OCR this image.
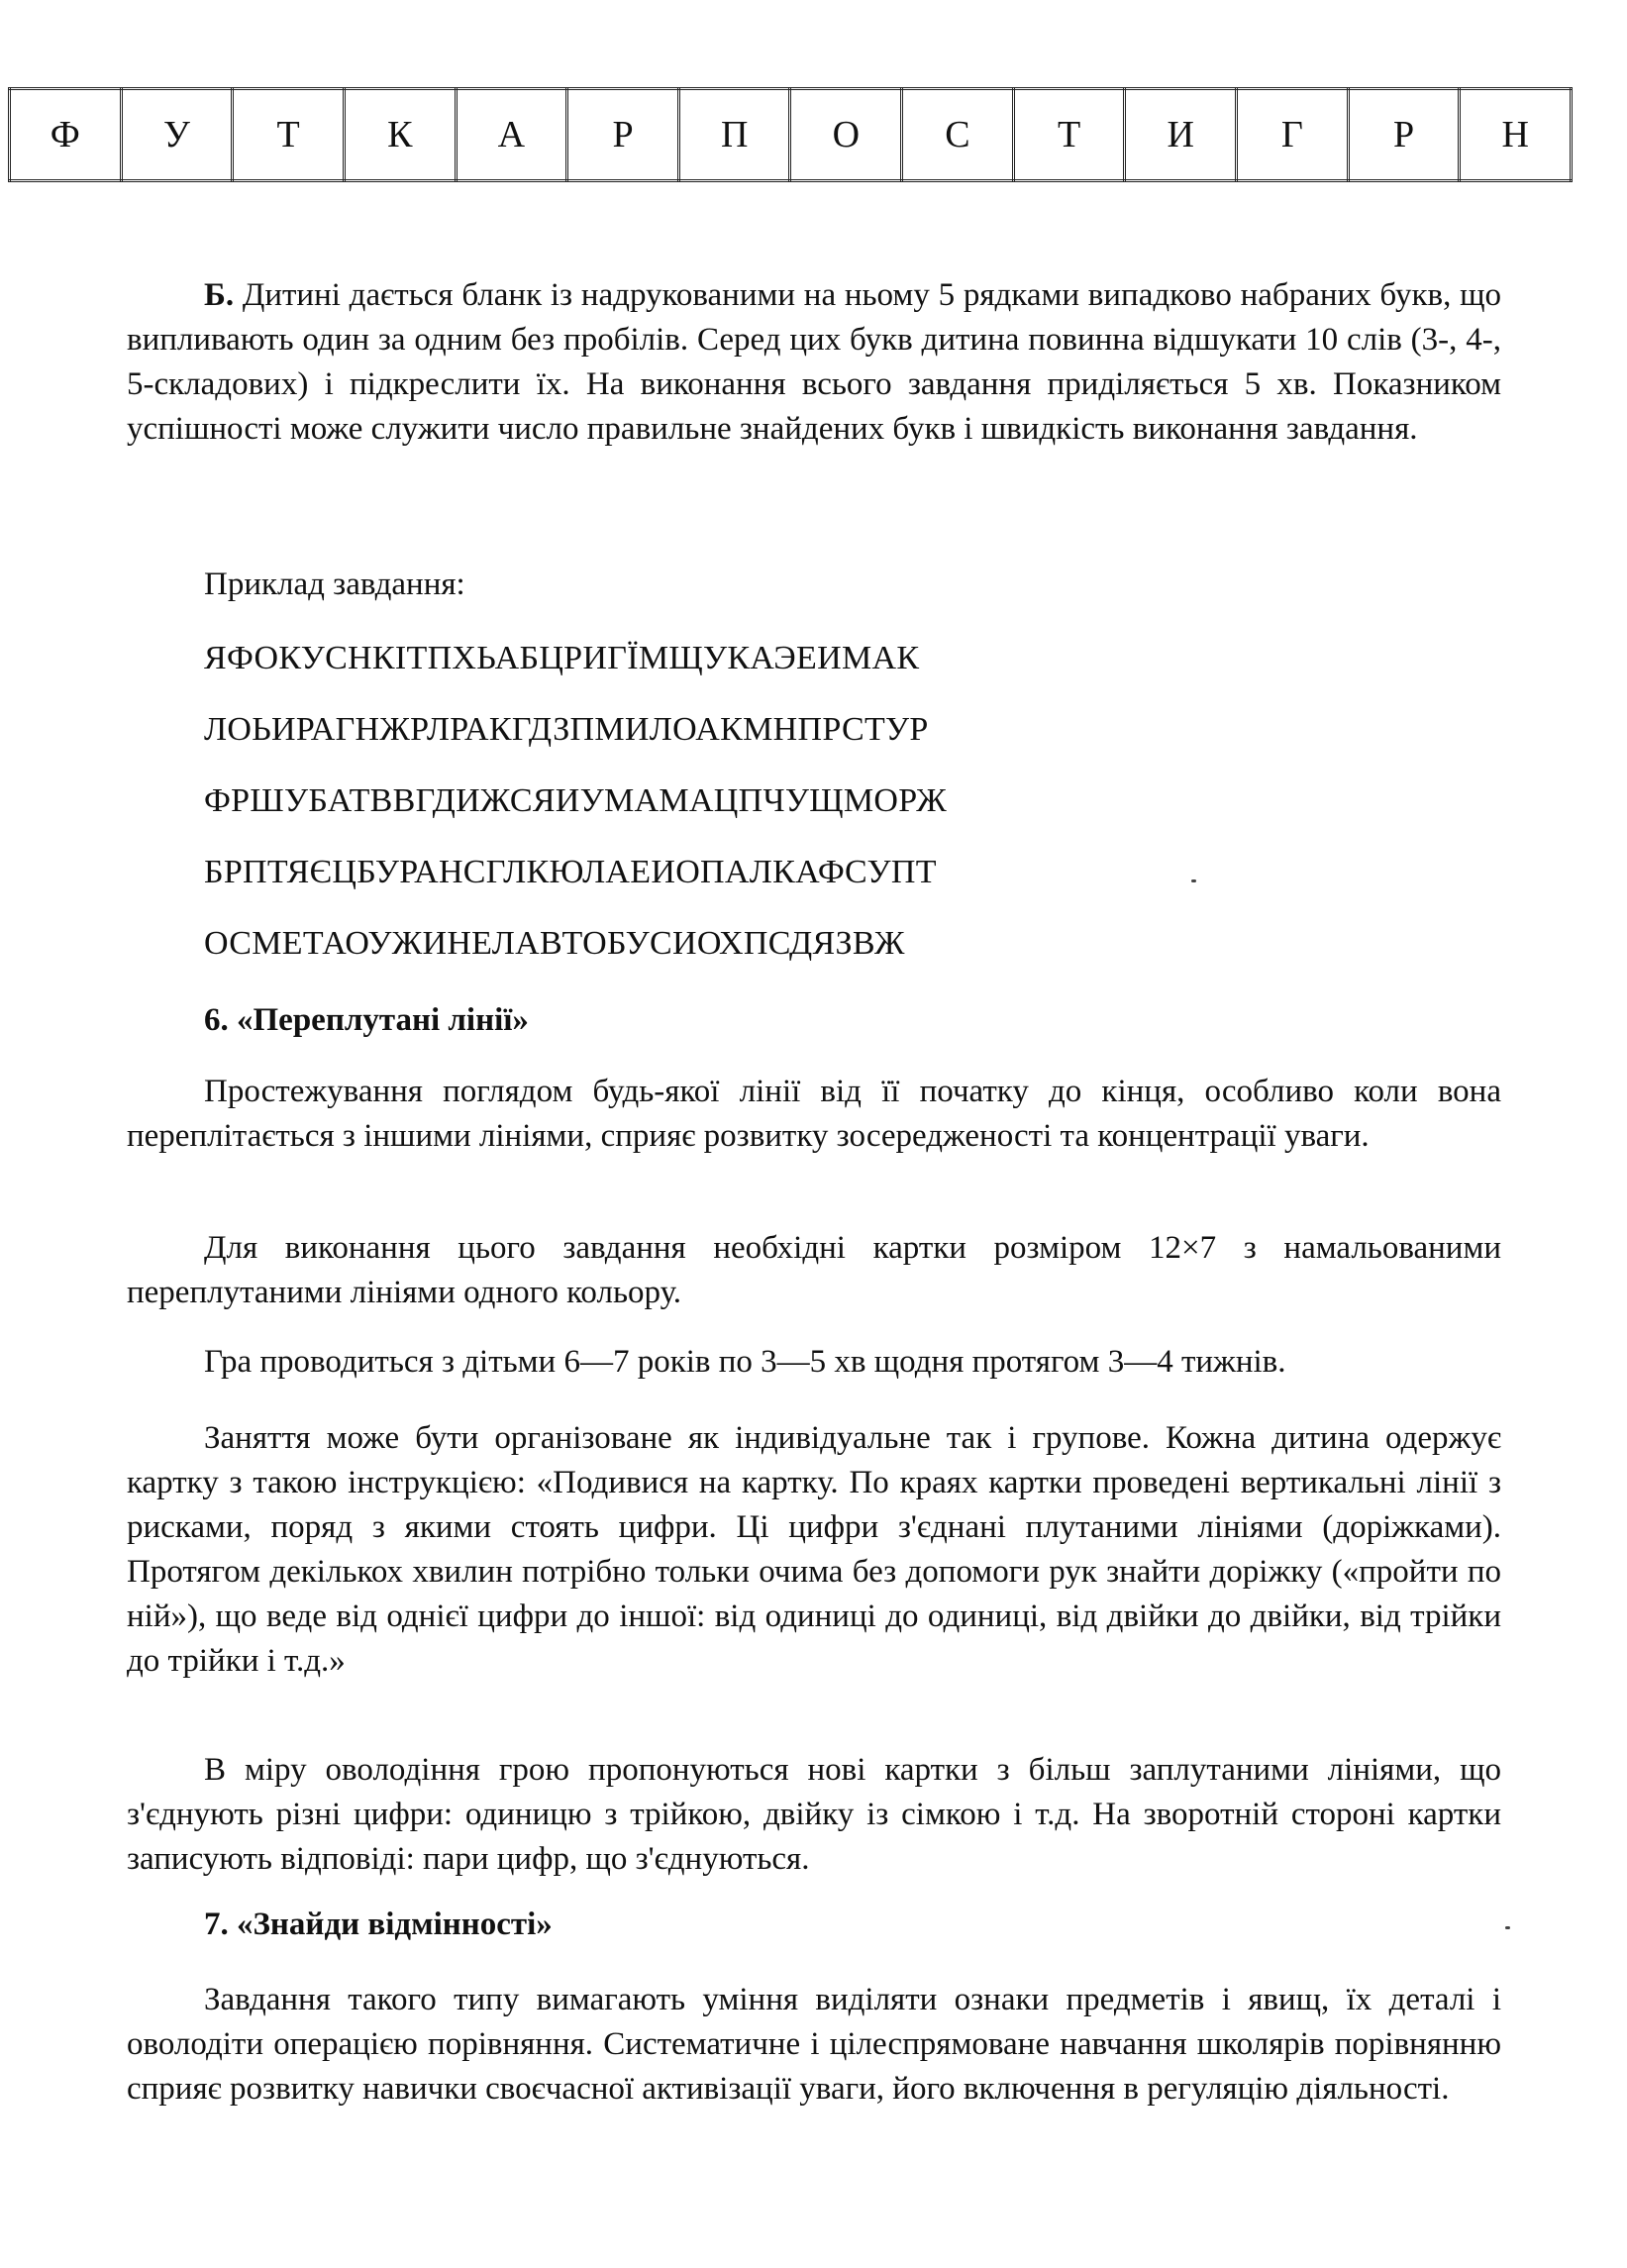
Ф	У	Т	К	А	Р	П	О	С	Т	И	Г	Р	Н

Б. Дитині дається бланк із надрукованими на ньому 5 рядками випадково набраних букв, що випливають один за одним без пробілів. Серед цих букв дитина повинна відшукати 10 слів (3-, 4-, 5-складових) і підкреслити їх. На виконання всього завдання приділяється 5 хв. Показником успішності може служити число правильне знайдених букв і швидкість виконання завдання.

Приклад завдання:

ЯФОКУСНКІТПХЬАБЦРИГЇМЩУКАЭЕИМАК

ЛОЬИРАГНЖРЛРАКГДЗПМИЛОАКМНПРСТУР

ФРШУБАТВВГДИЖСЯИУМАМАЦПЧУЩМОРЖ

БРПТЯЄЦБУРАНСГЛКЮЛАЕИОПАЛКАФСУПТ

ОСМЕТАОУЖИНЕЛАВТОБУСИОХПСДЯЗВЖ

6. «Переплутані лінії»

Простежування поглядом будь-якої лінії від її початку до кінця, особливо коли вона переплітається з іншими лініями, сприяє розвитку зосередженості та концентрації уваги.

Для виконання цього завдання необхідні картки розміром 12×7 з намальованими переплутаними лініями одного кольору.

Гра проводиться з дітьми 6—7 років по 3—5 хв щодня протягом 3—4 тижнів.

Заняття може бути організоване як індивідуальне так і групове. Кожна дитина одержує картку з такою інструкцією: «Подивися на картку. По краях картки проведені вертикальні лінії з рисками, поряд з якими стоять цифри. Ці цифри з'єднані плутаними лініями (доріжками). Протягом декількох хвилин потрібно тольки очима без допомоги рук знайти доріжку («пройти по ній»), що веде від однієї цифри до іншої: від одиниці до одиниці, від двійки до двійки, від трійки до трійки і т.д.»

В міру оволодіння грою пропонуються нові картки з більш заплутаними лініями, що з'єднують різні цифри: одиницю з трійкою, двійку із сімкою і т.д. На зворотній стороні картки записують відповіді: пари цифр, що з'єднуються.

7. «Знайди відмінності»

Завдання такого типу вимагають уміння виділяти ознаки предметів і явищ, їх деталі і оволодіти операцією порівняння. Систематичне і цілеспрямоване навчання школярів порівнянню сприяє розвитку навички своєчасної активізації уваги, його включення в регуляцію діяльності.
